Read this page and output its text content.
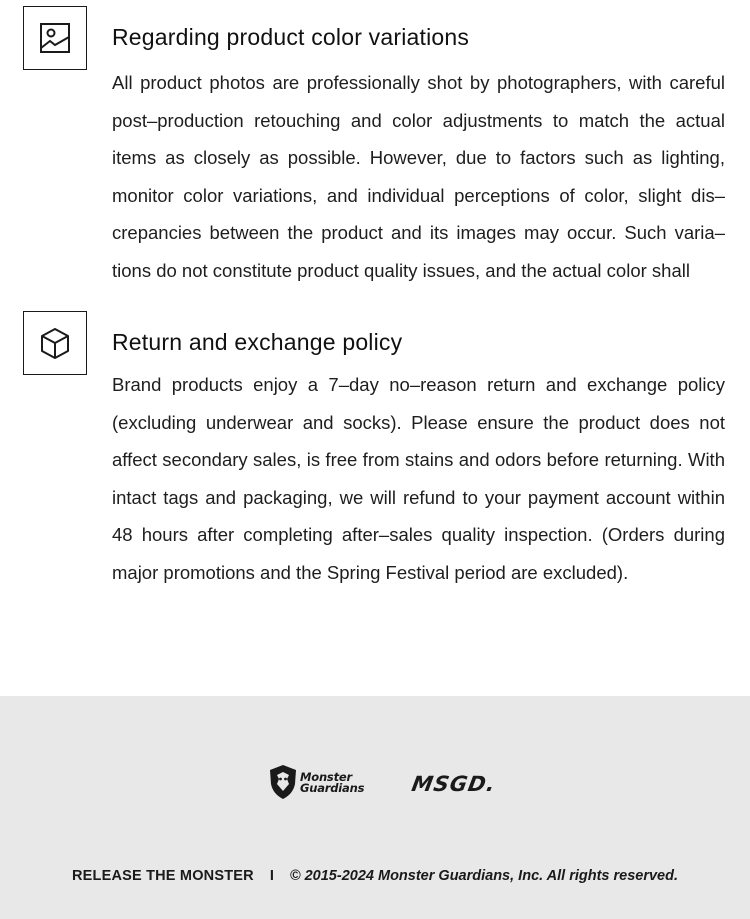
Regarding product color variations

All product photos are professionally shot by photographers, with careful post–production retouching and color adjustments to match the actual items as closely as possible. However, due to factors such as lighting, monitor color variations, and individual perceptions of color, slight dis–crepancies between the product and its images may occur. Such varia–tions do not constitute product quality issues, and the actual color shall

Return and exchange policy

Brand products enjoy a 7–day no–reason return and exchange policy (excluding underwear and socks). Please ensure the product does not affect secondary sales, is free from stains and odors before returning. With intact tags and packaging, we will refund to your payment account within 48 hours after completing after–sales quality inspection. (Orders during major promotions and the Spring Festival period are excluded).

Monster
Guardians MSGD.
RELEASE THE MONSTER I © 2015-2024 Monster Guardians, Inc. All rights reserved.
